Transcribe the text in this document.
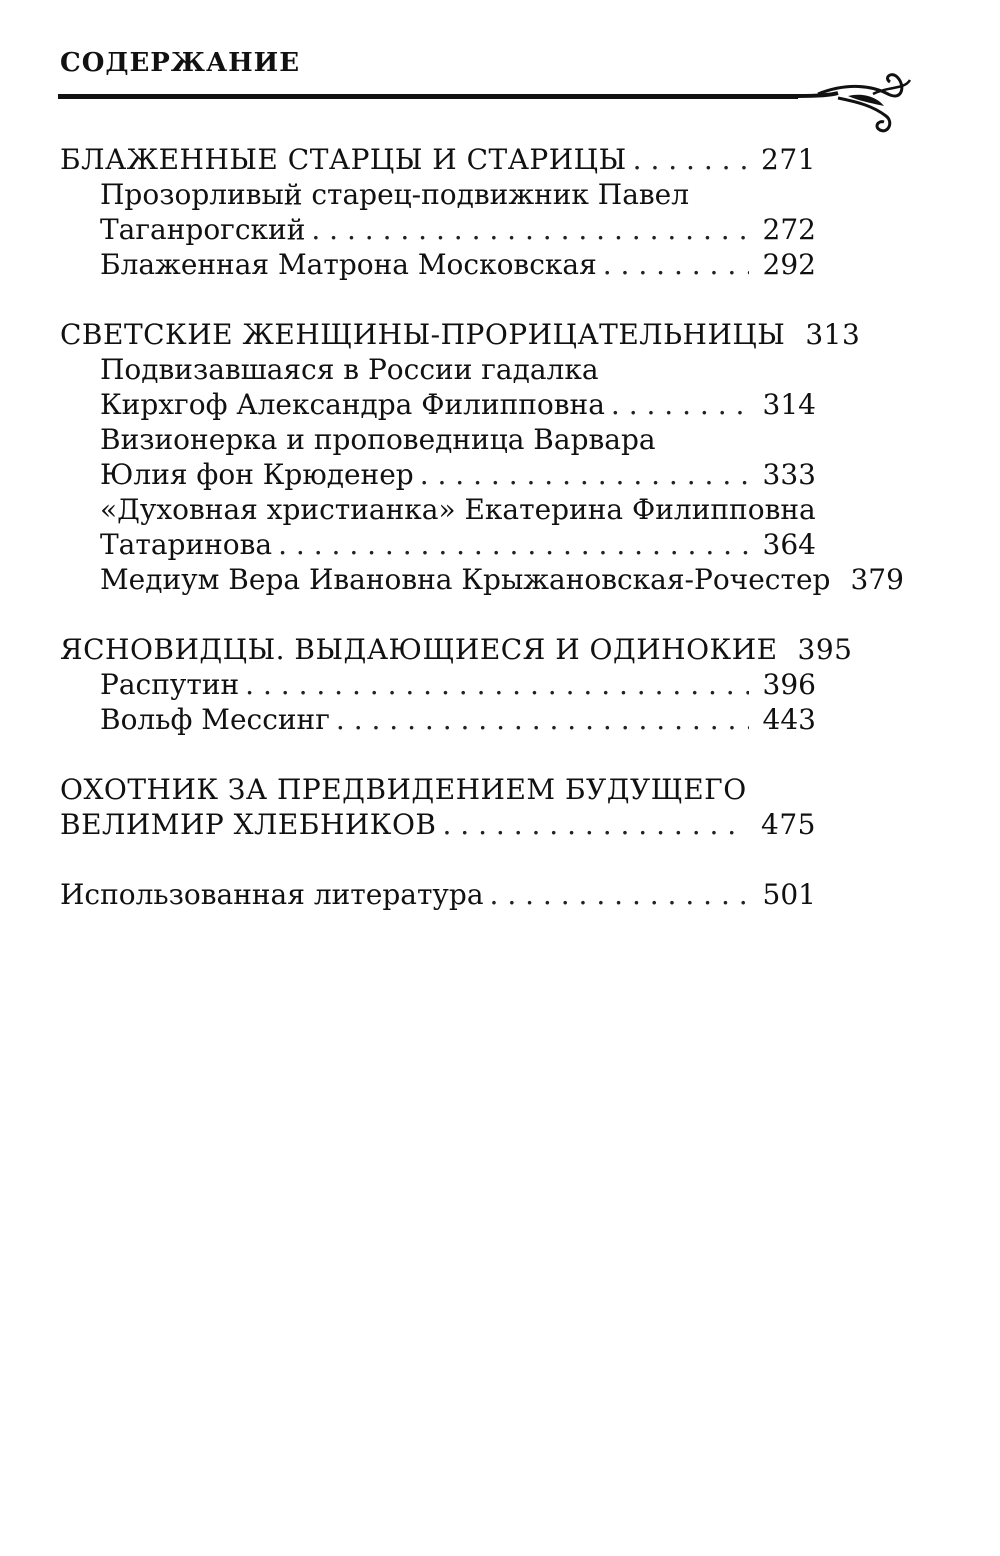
СОДЕРЖАНИЕ
БЛАЖЕННЫЕ СТАРЦЫ И СТАРИЦЫ . . .	271
Прозорливый старец-подвижник Павел
Таганрогский . . .	272
Блаженная Матрона Московская . . .	292
СВЕТСКИЕ ЖЕНЩИНЫ-ПРОРИЦАТЕЛЬНИЦЫ 313
Подвизавшаяся в России гадалка
Кирхгоф Александра Филипповна . . .	314
Визионерка и проповедница Варвара
Юлия фон Крюденер . . .	333
«Духовная христианка» Екатерина Филипповна
Татаринова . . .	364
Медиум Вера Ивановна Крыжановская-Рочестер 379
ЯСНОВИДЦЫ. ВЫДАЮЩИЕСЯ И ОДИНОКИЕ 395
Распутин . . .	396
Вольф Мессинг . . .	443
ОХОТНИК ЗА ПРЕДВИДЕНИЕМ БУДУЩЕГО
ВЕЛИМИР ХЛЕБНИКОВ . . .	475
Использованная литература . . .	501
